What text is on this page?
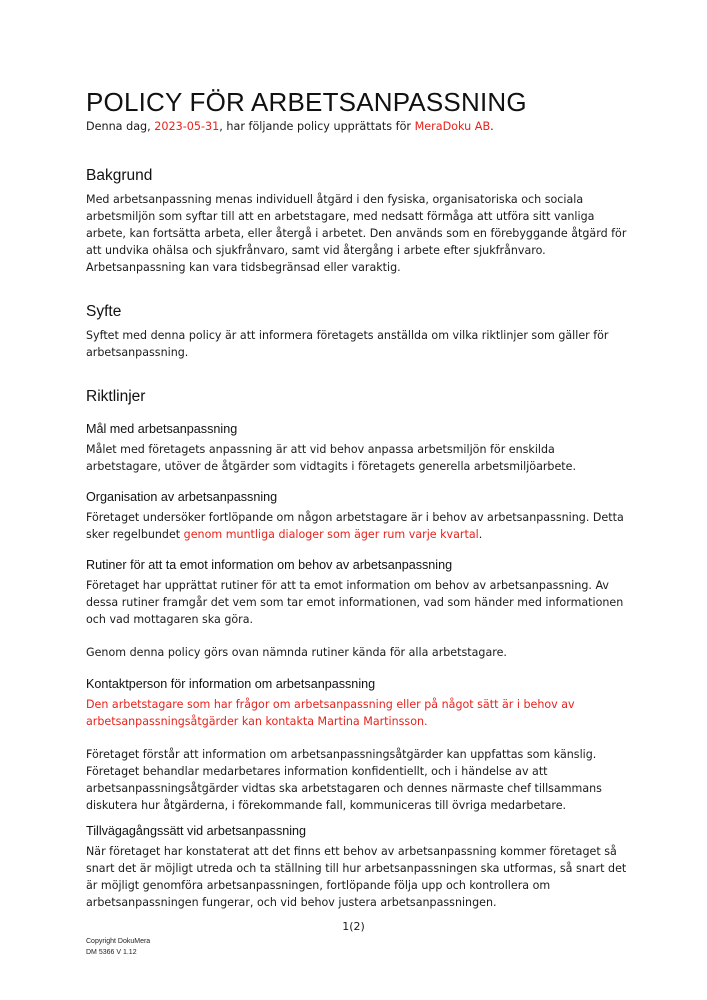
POLICY FÖR ARBETSANPASSNING

Denna dag, 2023-05-31, har följande policy upprättats för MeraDoku AB.

Bakgrund

Med arbetsanpassning menas individuell åtgärd i den fysiska, organisatoriska och sociala arbetsmiljön som syftar till att en arbetstagare, med nedsatt förmåga att utföra sitt vanliga arbete, kan fortsätta arbeta, eller återgå i arbetet. Den används som en förebyggande åtgärd för att undvika ohälsa och sjukfrånvaro, samt vid återgång i arbete efter sjukfrånvaro. Arbetsanpassning kan vara tidsbegränsad eller varaktig.

Syfte

Syftet med denna policy är att informera företagets anställda om vilka riktlinjer som gäller för arbetsanpassning.

Riktlinjer
Mål med arbetsanpassning

Målet med företagets anpassning är att vid behov anpassa arbetsmiljön för enskilda arbetstagare, utöver de åtgärder som vidtagits i företagets generella arbetsmiljöarbete.

Organisation av arbetsanpassning

Företaget undersöker fortlöpande om någon arbetstagare är i behov av arbetsanpassning. Detta sker regelbundet genom muntliga dialoger som äger rum varje kvartal.

Rutiner för att ta emot information om behov av arbetsanpassning

Företaget har upprättat rutiner för att ta emot information om behov av arbetsanpassning. Av dessa rutiner framgår det vem som tar emot informationen, vad som händer med informationen och vad mottagaren ska göra.

Genom denna policy görs ovan nämnda rutiner kända för alla arbetstagare.

Kontaktperson för information om arbetsanpassning

Den arbetstagare som har frågor om arbetsanpassning eller på något sätt är i behov av arbetsanpassningsåtgärder kan kontakta Martina Martinsson.

Företaget förstår att information om arbetsanpassningsåtgärder kan uppfattas som känslig. Företaget behandlar medarbetares information konfidentiellt, och i händelse av att arbetsanpassningsåtgärder vidtas ska arbetstagaren och dennes närmaste chef tillsammans diskutera hur åtgärderna, i förekommande fall, kommuniceras till övriga medarbetare.

Tillvägagångssätt vid arbetsanpassning

När företaget har konstaterat att det finns ett behov av arbetsanpassning kommer företaget så snart det är möjligt utreda och ta ställning till hur arbetsanpassningen ska utformas, så snart det är möjligt genomföra arbetsanpassningen, fortlöpande följa upp och kontrollera om arbetsanpassningen fungerar, och vid behov justera arbetsanpassningen.

1(2)
Copyright DokuMera
DM 5366 V 1.12
